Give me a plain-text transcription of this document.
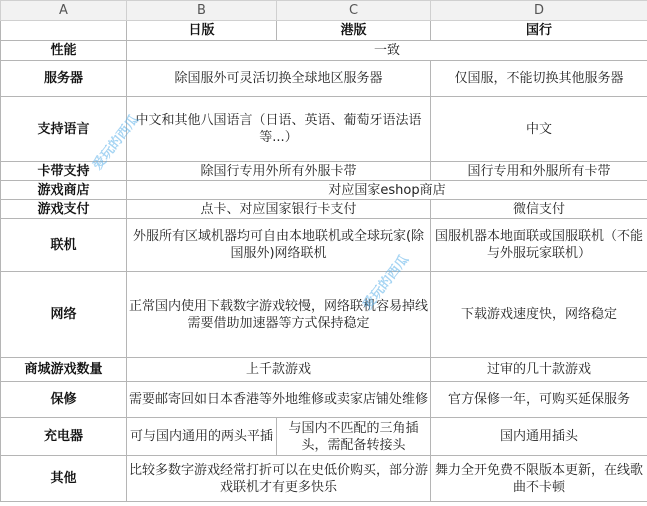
A	B	C	D
	日版	港版	国行
性能	一致		
服务器	除国服外可灵活切换全球地区服务器		仅国服，不能切换其他服务器
支持语言	中文和其他八国语言（日语、英语、葡萄牙语法语等...）		中文
卡带支持	除国行专用外所有外服卡带		国行专用和外服所有卡带
游戏商店	对应国家eshop商店		
游戏支付	点卡、对应国家银行卡支付		微信支付
联机	外服所有区域机器均可自由本地联机或全球玩家(除国服外)网络联机		国服机器本地面联或国服联机（不能与外服玩家联机）
网络	正常国内使用下载数字游戏较慢，网络联机容易掉线需要借助加速器等方式保持稳定		下载游戏速度快，网络稳定
商城游戏数量	上千款游戏		过审的几十款游戏
保修	需要邮寄回如日本香港等外地维修或卖家店铺处维修		官方保修一年，可购买延保服务
充电器	可与国内通用的两头平插	与国内不匹配的三角插头，需配备转接头	国内通用插头
其他	比较多数字游戏经常打折可以在史低价购买，部分游戏联机才有更多快乐		舞力全开免费不限版本更新，在线歌曲不卡顿
爱玩的西瓜
爱玩的西瓜
